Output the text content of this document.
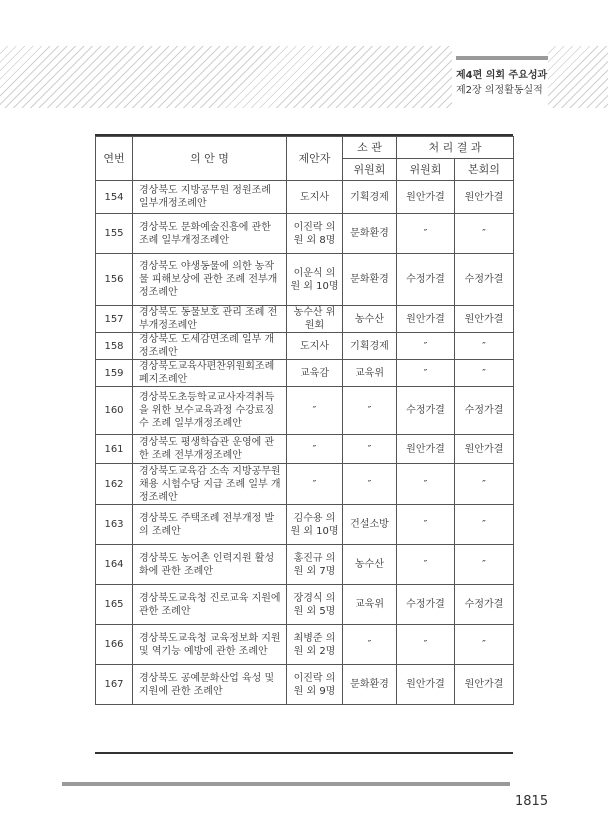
제4편 의회 주요성과
제2장 의정활동실적
연번	의 안 명	제안자	소 관	처 리 결 과	
			위원회	위원회	본회의
154	경상북도 지방공무원 정원조례 일부개정조례안	도지사	기획경제	원안가결	원안가결
155	경상북도 문화예술진흥에 관한 조례 일부개정조례안	이진락 의원 외 8명	문화환경	″	″
156	경상북도 야생동물에 의한 농작물 피해보상에 관한 조례 전부개정조례안	이운식 의원 외 10명	문화환경	수정가결	수정가결
157	경상북도 동물보호 관리 조례 전부개정조례안	농수산 위원회	농수산	원안가결	원안가결
158	경상북도 도세감면조례 일부 개정조례안	도지사	기획경제	″	″
159	경상북도교육사편찬위원회조례 폐지조례안	교육감	교육위	″	″
160	경상북도초등학교교사자격취득을 위한 보수교육과정 수강료징수 조례 일부개정조례안	″	″	수정가결	수정가결
161	경상북도 평생학습관 운영에 관한 조례 전부개정조례안	″	″	원안가결	원안가결
162	경상북도교육감 소속 지방공무원 채용 시험수당 지급 조례 일부 개정조례안	″	″	″	″
163	경상북도 주택조례 전부개정 발의 조례안	김수용 의원 외 10명	건설소방	″	″
164	경상북도 농어촌 인력지원 활성화에 관한 조례안	홍진규 의원 외 7명	농수산	″	″
165	경상북도교육청 진로교육 지원에 관한 조례안	장경식 의원 외 5명	교육위	수정가결	수정가결
166	경상북도교육청 교육정보화 지원 및 역기능 예방에 관한 조례안	최병준 의원 외 2명	″	″	″
167	경상북도 공예문화산업 육성 및 지원에 관한 조례안	이진락 의원 외 9명	문화환경	원안가결	원안가결
1815
